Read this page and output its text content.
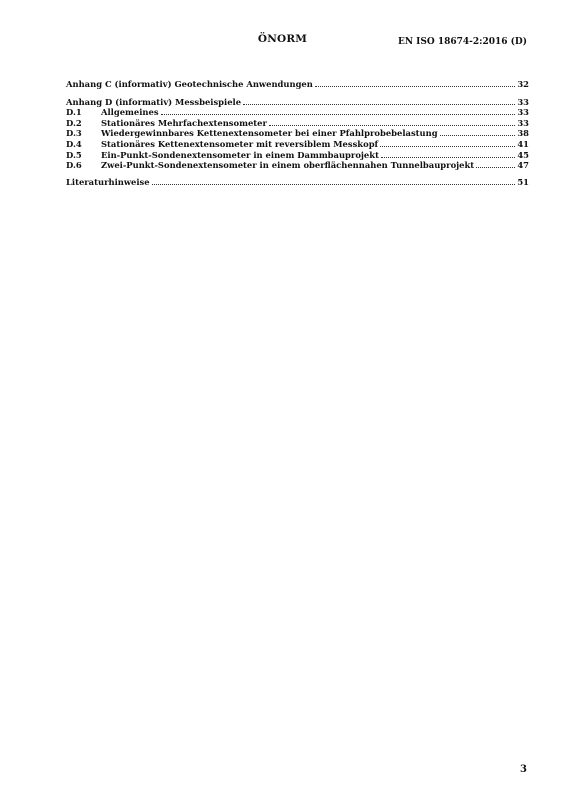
ÖNORM	EN ISO 18674-2:2016 (D)
Anhang C (informativ) Geotechnische Anwendungen	32
Anhang D (informativ) Messbeispiele	33
D.1	Allgemeines	33
D.2	Stationäres Mehrfachextensometer	33
D.3	Wiedergewinnbares Kettenextensometer bei einer Pfahlprobebelastung	38
D.4	Stationäres Kettenextensometer mit reversiblem Messkopf	41
D.5	Ein-Punkt-Sondenextensometer in einem Dammbauprojekt	45
D.6	Zwei-Punkt-Sondenextensometer in einem oberflächennahen Tunnelbauprojekt	47
Literaturhinweise	51
3
